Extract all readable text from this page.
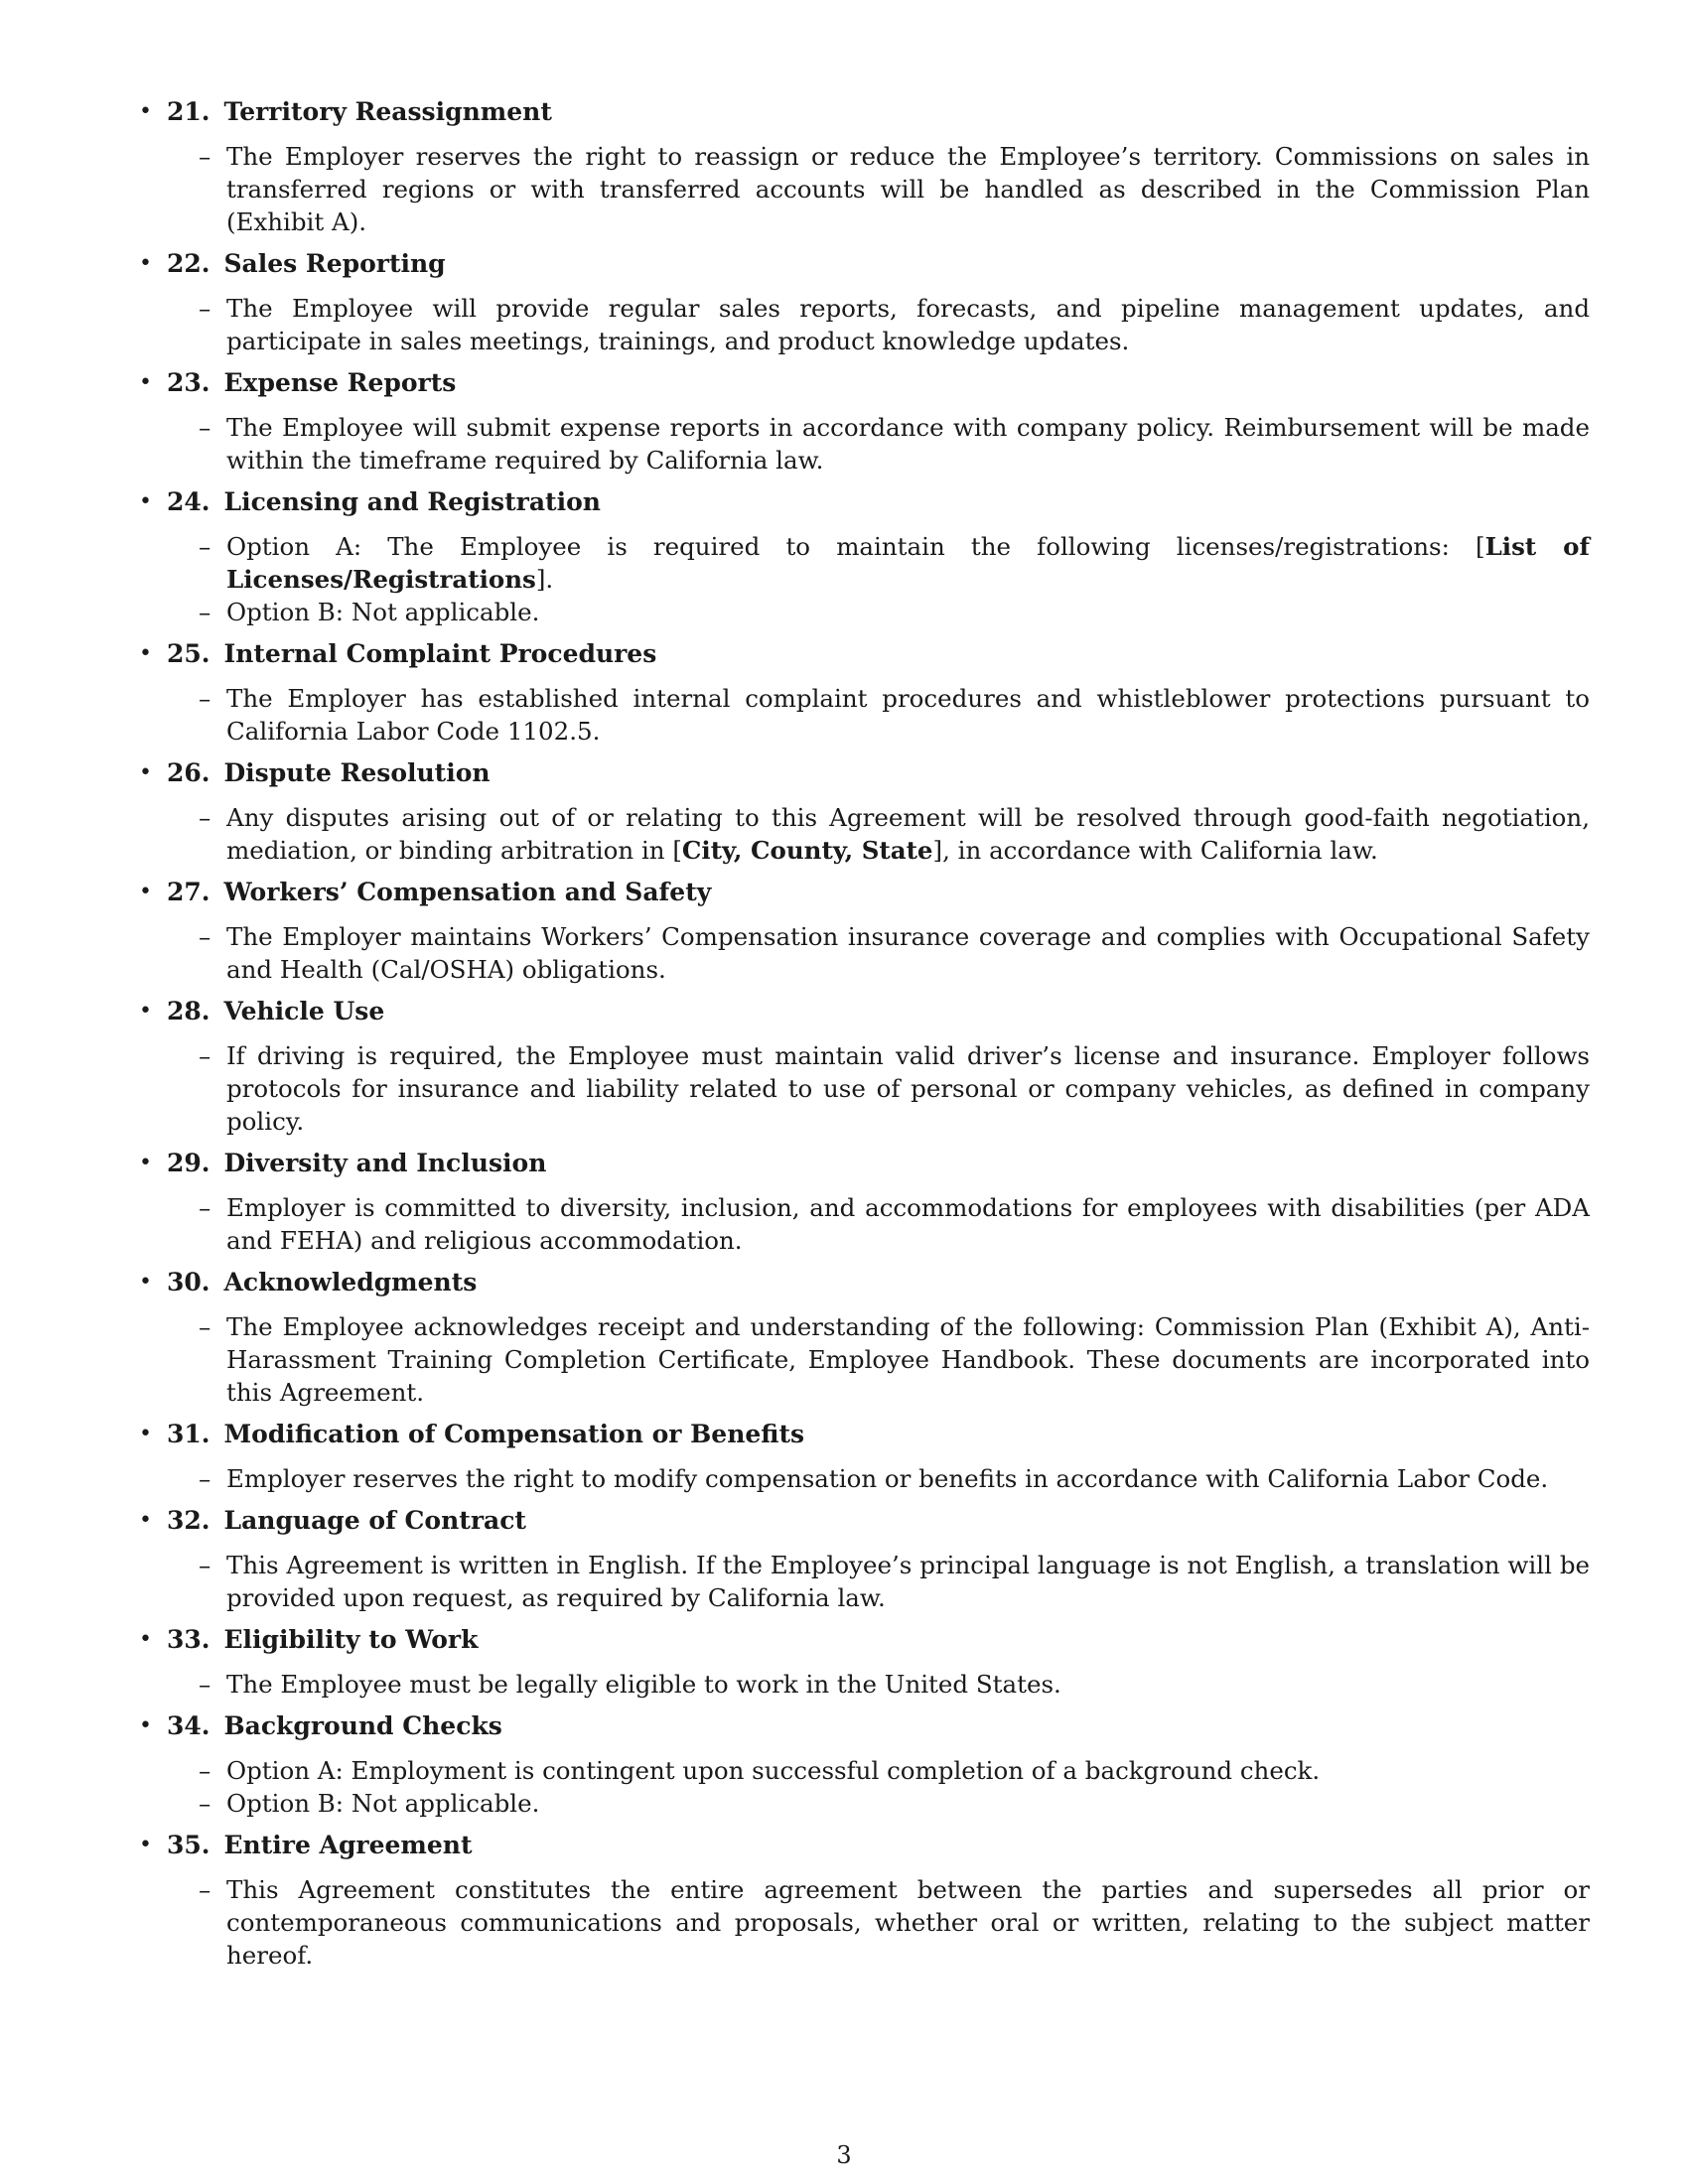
• 21. Territory Reassignment
– The Employer reserves the right to reassign or reduce the Employee’s territory. Commissions on sales in transferred regions or with transferred accounts will be handled as described in the Commission Plan (Exhibit A).
• 22. Sales Reporting
– The Employee will provide regular sales reports, forecasts, and pipeline management updates, and participate in sales meetings, trainings, and product knowledge updates.
• 23. Expense Reports
– The Employee will submit expense reports in accordance with company policy. Reimbursement will be made within the timeframe required by California law.
• 24. Licensing and Registration
– Option A: The Employee is required to maintain the following licenses/registrations: [List of Licenses/Registrations].
– Option B: Not applicable.
• 25. Internal Complaint Procedures
– The Employer has established internal complaint procedures and whistleblower protections pursuant to California Labor Code 1102.5.
• 26. Dispute Resolution
– Any disputes arising out of or relating to this Agreement will be resolved through good-faith negotiation, mediation, or binding arbitration in [City, County, State], in accordance with California law.
• 27. Workers’ Compensation and Safety
– The Employer maintains Workers’ Compensation insurance coverage and complies with Occupational Safety and Health (Cal/OSHA) obligations.
• 28. Vehicle Use
– If driving is required, the Employee must maintain valid driver’s license and insurance. Employer follows protocols for insurance and liability related to use of personal or company vehicles, as defined in company policy.
• 29. Diversity and Inclusion
– Employer is committed to diversity, inclusion, and accommodations for employees with disabilities (per ADA and FEHA) and religious accommodation.
• 30. Acknowledgments
– The Employee acknowledges receipt and understanding of the following: Commission Plan (Exhibit A), Anti-Harassment Training Completion Certificate, Employee Handbook. These documents are incorporated into this Agreement.
• 31. Modification of Compensation or Benefits
– Employer reserves the right to modify compensation or benefits in accordance with California Labor Code.
• 32. Language of Contract
– This Agreement is written in English. If the Employee’s principal language is not English, a translation will be provided upon request, as required by California law.
• 33. Eligibility to Work
– The Employee must be legally eligible to work in the United States.
• 34. Background Checks
– Option A: Employment is contingent upon successful completion of a background check.
– Option B: Not applicable.
• 35. Entire Agreement
– This Agreement constitutes the entire agreement between the parties and supersedes all prior or contemporaneous communications and proposals, whether oral or written, relating to the subject matter hereof.
3
